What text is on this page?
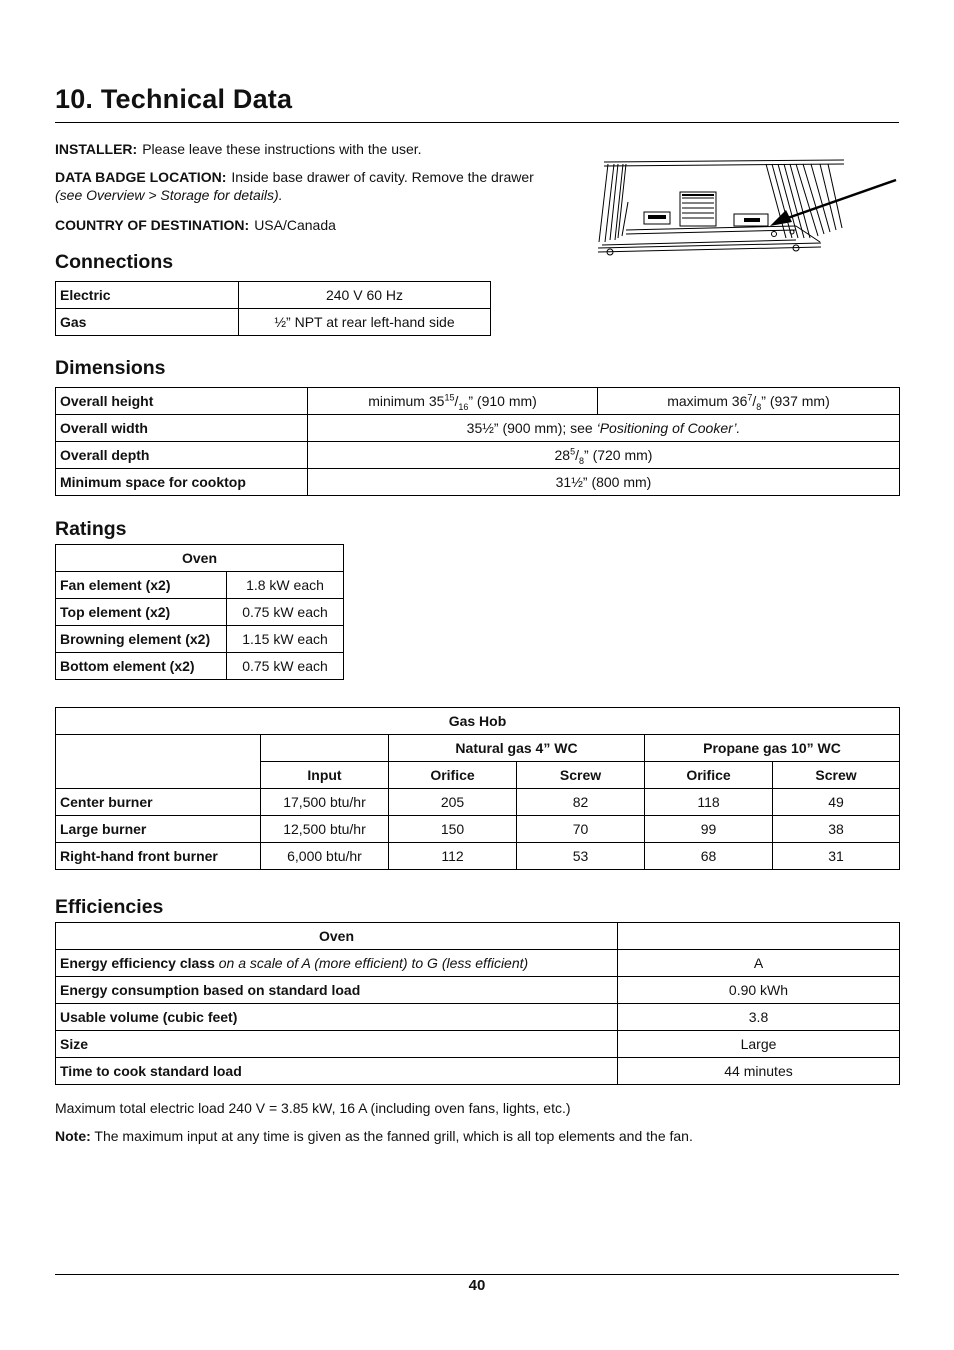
10. Technical Data
INSTALLER: Please leave these instructions with the user.
DATA BADGE LOCATION: Inside base drawer of cavity. Remove the drawer
(see Overview > Storage for details).
COUNTRY OF DESTINATION: USA/Canada
Connections
Electric	240 V 60 Hz
Gas	½” NPT at rear left-hand side
Dimensions
Overall height	minimum $35^{15}/_{16}$” (910 mm)	maximum $36^7/_8$” (937 mm)
Overall width	35½” (900 mm); see ‘Positioning of Cooker’.	
Overall depth	$28^5/_8$” (720 mm)	
Minimum space for cooktop	31½” (800 mm)	
Ratings
Oven	
Fan element (x2)	1.8 kW each
Top element (x2)	0.75 kW each
Browning element (x2)	1.15 kW each
Bottom element (x2)	0.75 kW each
Gas Hob					
		Natural gas 4” WC		Propane gas 10” WC	
	Input	Orifice	Screw	Orifice	Screw
Center burner	17,500 btu/hr	205	82	118	49
Large burner	12,500 btu/hr	150	70	99	38
Right-hand front burner	6,000 btu/hr	112	53	68	31
Efficiencies
Oven	
Energy efficiency class on a scale of A (more efficient) to G (less efficient)	A
Energy consumption based on standard load	0.90 kWh
Usable volume (cubic feet)	3.8
Size	Large
Time to cook standard load	44 minutes
Maximum total electric load 240 V = 3.85 kW, 16 A (including oven fans, lights, etc.)
Note: The maximum input at any time is given as the fanned grill, which is all top elements and the fan.
40
